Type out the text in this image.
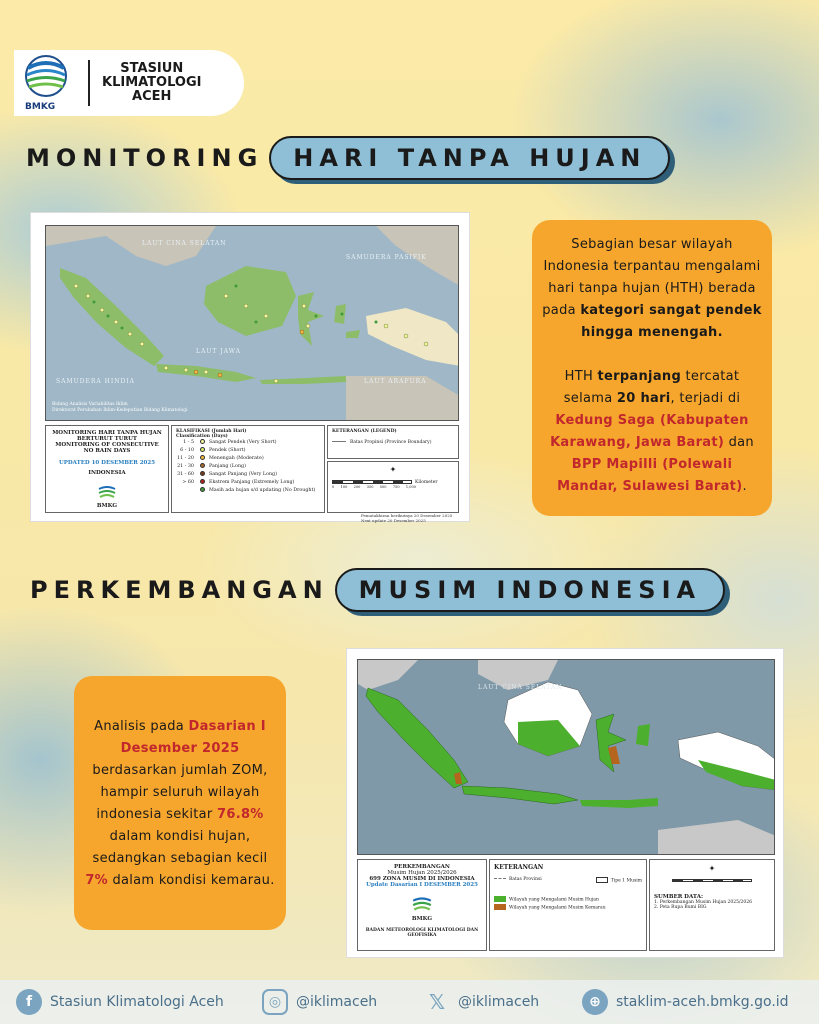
BMKG
STASIUN
KLIMATOLOGI
ACEH
MONITORING	HARI TANPA HUJAN
LAUT CINA SELATAN
LAUT JAWA
SAMUDERA HINDIA	LAUT ARAFURA
SAMUDERA PASIFIK
Bidang Analisis Variabilitas Iklim
Direktorat Perubahan Iklim-Kedeputian Bidang Klimatologi
MONITORING HARI TANPA HUJAN
BERTURUT TURUT
MONITORING OF CONSECUTIVE NO RAIN DAYS
UPDATED 10 DESEMBER 2025
INDONESIA
BMKG
KLASIFIKASI (Jumlah Hari)
Classification (Days)
1 - 5	Sangat Pendek (Very Short)
6 - 10	Pendek (Short)
11 - 20	Menengah (Moderate)
21 - 30	Panjang (Long)
31 - 60	Sangat Panjang (Very Long)
> 60	Ekstrem Panjang (Extremely Long)
Masih ada hujan s/d updating (No Drought)
KETERANGAN (LEGEND)
Batas Propinsi (Province Boundary)
✦
Kilometer
0 100 200 350 500 750 1,000
Pemutakhiran berikutnya 20 Desember 2025
Next update 20 Desember 2025

Sebagian besar wilayah Indonesia terpantau mengalami hari tanpa hujan (HTH) berada pada kategori sangat pendek hingga menengah.

HTH terpanjang tercatat selama 20 hari, terjadi di Kedung Saga (Kabupaten Karawang, Jawa Barat) dan BPP Mapilli (Polewali Mandar, Sulawesi Barat).

PERKEMBANGAN	MUSIM INDONESIA
Analisis pada Dasarian I Desember 2025 berdasarkan jumlah ZOM, hampir seluruh wilayah indonesia sekitar 76.8% dalam kondisi hujan, sedangkan sebagian kecil 7% dalam kondisi kemarau.
LAUT CINA SELATAN
PERKEMBANGAN
Musim Hujan 2025/2026
699 ZONA MUSIM DI INDONESIA
Update Dasarian I DESEMBER 2025
BMKG
BADAN METEOROLOGI KLIMATOLOGI DAN GEOFISIKA
KETERANGAN
Batas Provinsi	Tipe 1 Musim
Wilayah yang Mengalami Musim Hujan
Wilayah yang Mengalami Musim Kemarau
✦
SUMBER DATA:
1. Perkembangan Musim Hujan 2025/2026
2. Peta Rupa Bumi BIG
f	Stasiun Klimatologi Aceh	◎	@iklimaceh	𝕏 @iklimaceh	⊕	staklim-aceh.bmkg.go.id
